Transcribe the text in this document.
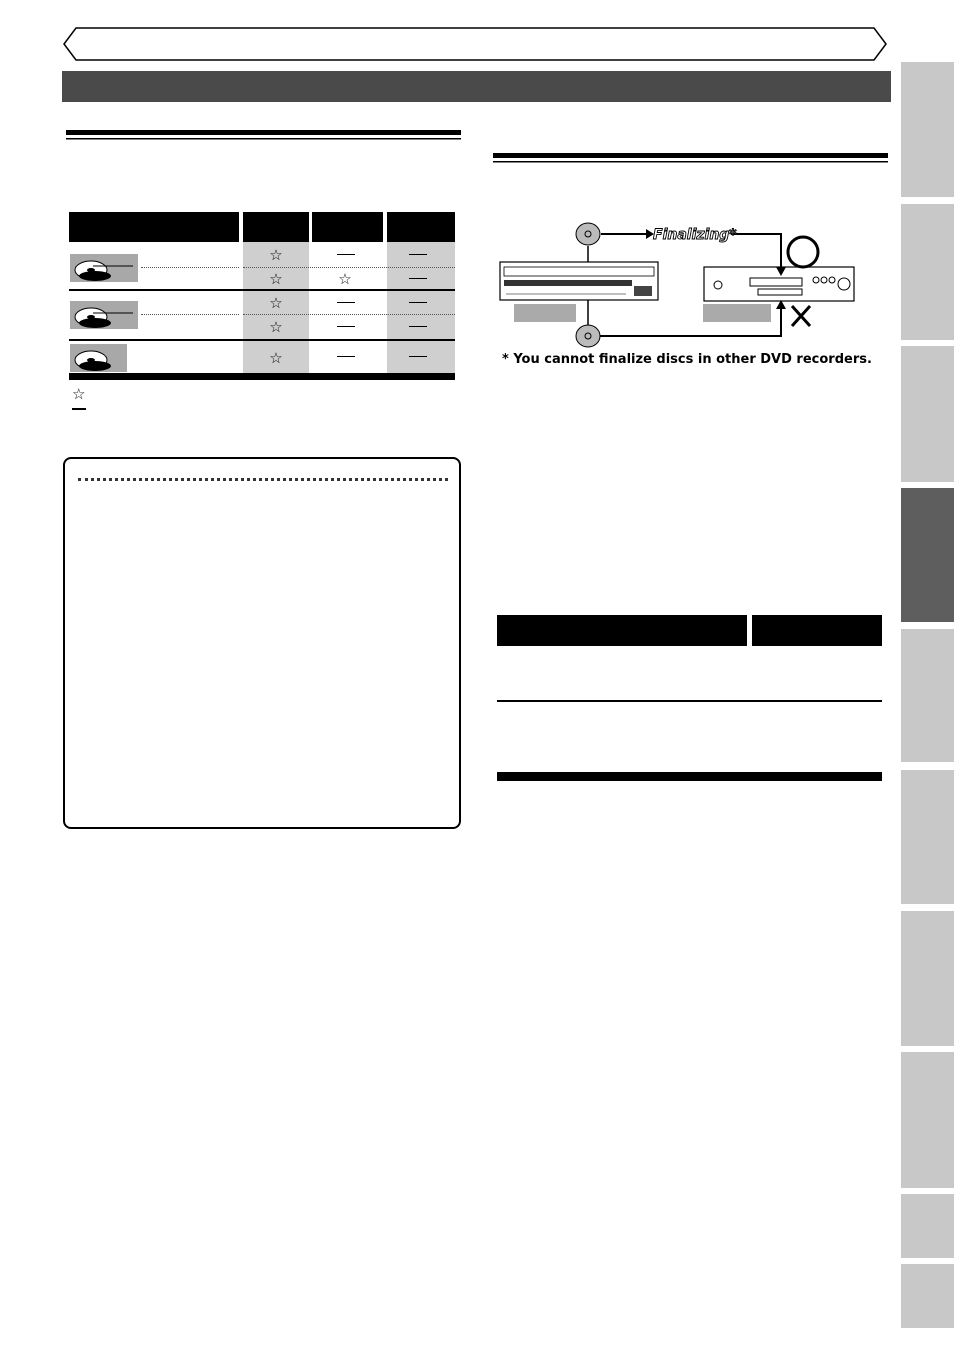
☆
☆	☆
☆
☆
☆
☆
Finalizing*
* You cannot finalize discs in other DVD recorders.
